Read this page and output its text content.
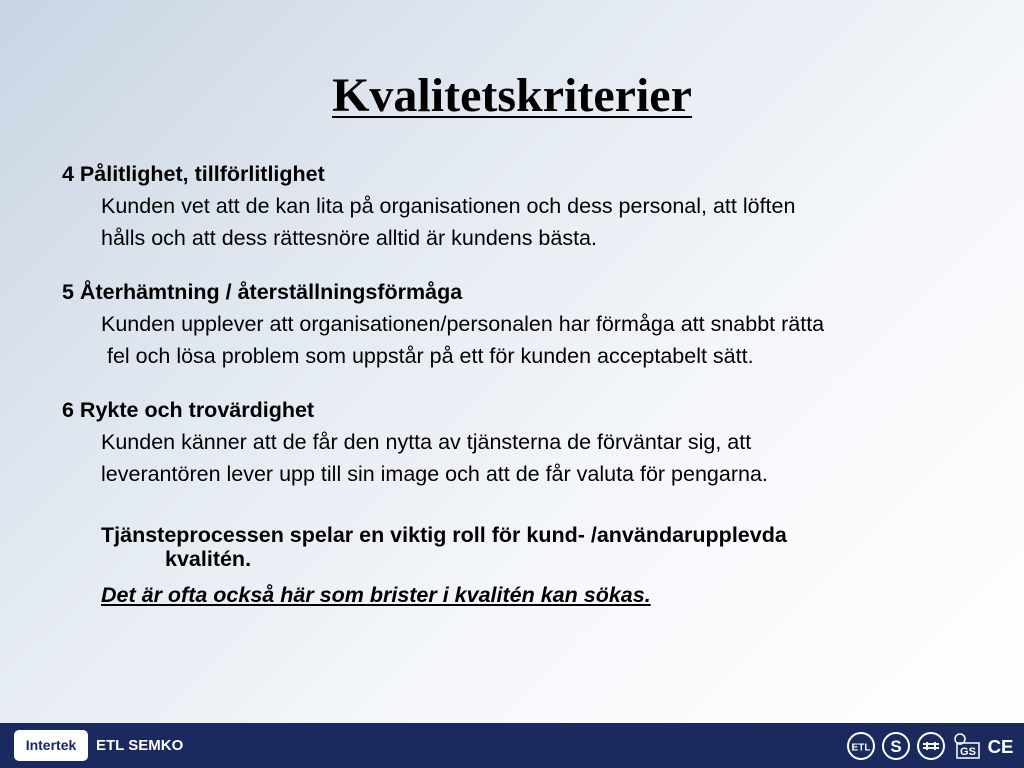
Kvalitetskriterier

4 Pålitlighet, tillförlitlighet

Kunden vet att de kan lita på organisationen och dess personal, att löften
hålls och att dess rättesnöre alltid är kundens bästa.

5 Återhämtning / återställningsförmåga

Kunden upplever att organisationen/personalen har förmåga att snabbt rätta
fel och lösa problem som uppstår på ett för kunden acceptabelt sätt.

6 Rykte och trovärdighet

Kunden känner att de får den nytta av tjänsterna de förväntar sig, att
leverantören lever upp till sin image och att de får valuta för pengarna.

Tjänsteprocessen spelar en viktig roll för kund- /användarupplevda
kvalitén.

Det är ofta också här som brister i kvalitén kan sökas.

Intertek	ETL SEMKO	ETL S	GS CE
